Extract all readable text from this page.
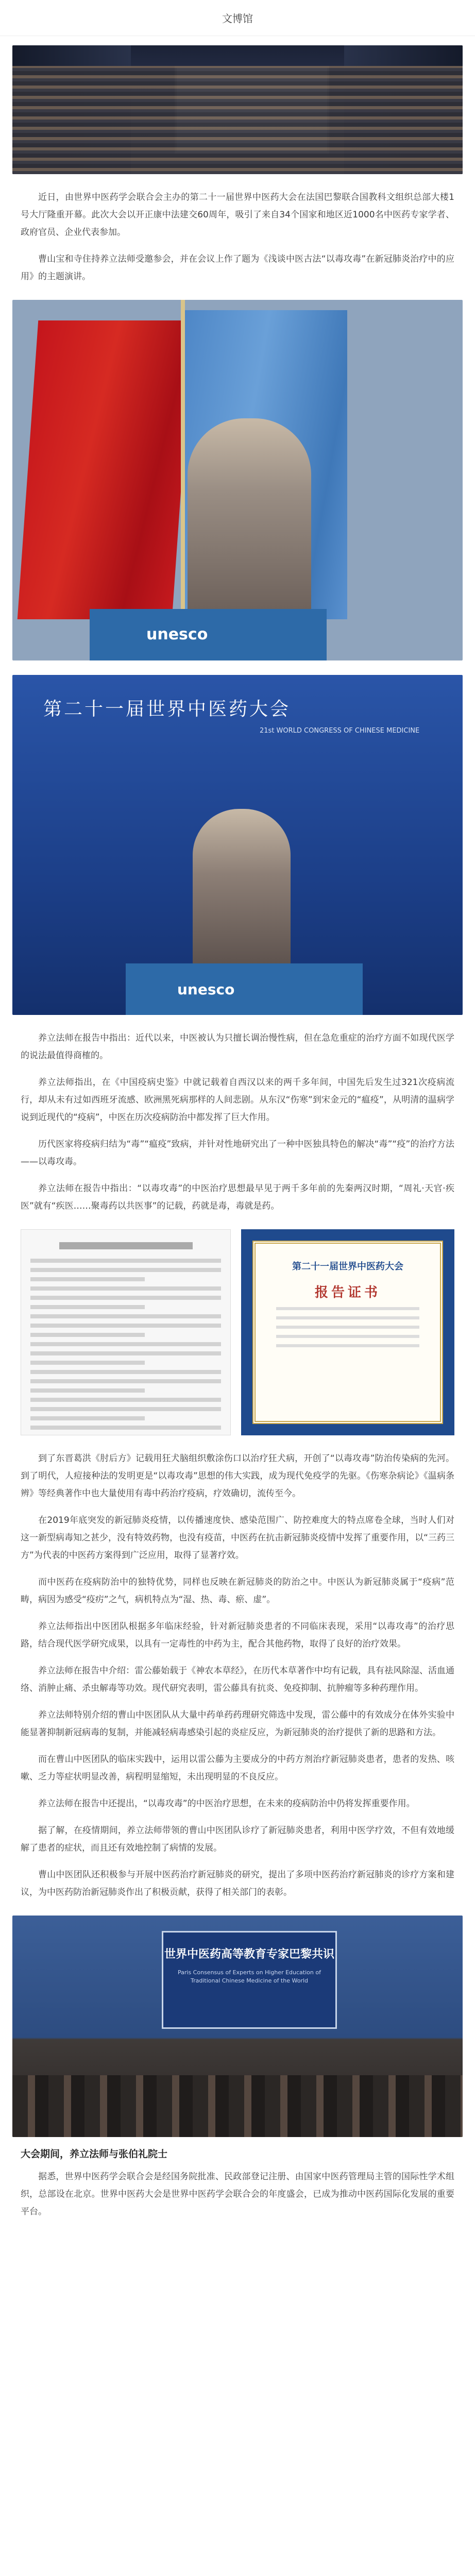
文博馆

近日，由世界中医药学会联合会主办的第二十一届世界中医药大会在法国巴黎联合国教科文组织总部大楼1号大厅隆重开幕。此次大会以开正康中法建交60周年，吸引了来自34个国家和地区近1000名中医药专家学者、政府官员、企业代表参加。

曹山宝和寺住持养立法师受邀参会，并在会议上作了题为《浅谈中医古法“以毒攻毒”在新冠肺炎治疗中的应用》的主题演讲。

unesco
第二十一届世界中医药大会
21st WORLD CONGRESS OF CHINESE MEDICINE
unesco

养立法师在报告中指出：近代以来，中医被认为只擅长调治慢性病，但在急危重症的治疗方面不如现代医学的说法最值得商榷的。

养立法师指出，在《中国疫病史鉴》中就记载着自西汉以来的两千多年间，中国先后发生过321次疫病流行，却从未有过如西班牙流感、欧洲黑死病那样的人间悲剧。从东汉“伤寒”到宋金元的“瘟疫”，从明清的温病学说到近现代的“疫病”，中医在历次疫病防治中都发挥了巨大作用。

历代医家将疫病归结为“毒”“瘟疫”致病，并针对性地研究出了一种中医独具特色的解决“毒”“疫”的治疗方法——以毒攻毒。

养立法师在报告中指出：“以毒攻毒”的中医治疗思想最早见于两千多年前的先秦两汉时期，“周礼·天官·疾医”就有“疾医……聚毒药以共医事”的记载，药就是毒，毒就是药。

第二十一届世界中医药大会
报告证书

到了东晋葛洪《肘后方》记载用狂犬脑组织敷涂伤口以治疗狂犬病，开创了“以毒攻毒”防治传染病的先河。到了明代，人痘接种法的发明更是“以毒攻毒”思想的伟大实践，成为现代免疫学的先驱。《伤寒杂病论》《温病条辨》等经典著作中也大量使用有毒中药治疗疫病，疗效确切，流传至今。

在2019年底突发的新冠肺炎疫情，以传播速度快、感染范围广、防控难度大的特点席卷全球，当时人们对这一新型病毒知之甚少，没有特效药物，也没有疫苗，中医药在抗击新冠肺炎疫情中发挥了重要作用，以“三药三方”为代表的中医药方案得到广泛应用，取得了显著疗效。

而中医药在疫病防治中的独特优势，同样也反映在新冠肺炎的防治之中。中医认为新冠肺炎属于“疫病”范畴，病因为感受“疫疠”之气，病机特点为“湿、热、毒、瘀、虚”。

养立法师指出中医团队根据多年临床经验，针对新冠肺炎患者的不同临床表现，采用“以毒攻毒”的治疗思路，结合现代医学研究成果，以具有一定毒性的中药为主，配合其他药物，取得了良好的治疗效果。

养立法师在报告中介绍：雷公藤始载于《神农本草经》，在历代本草著作中均有记载，具有祛风除湿、活血通络、消肿止痛、杀虫解毒等功效。现代研究表明，雷公藤具有抗炎、免疫抑制、抗肿瘤等多种药理作用。

养立法师特别介绍的曹山中医团队从大量中药单药药理研究筛选中发现，雷公藤中的有效成分在体外实验中能显著抑制新冠病毒的复制，并能减轻病毒感染引起的炎症反应，为新冠肺炎的治疗提供了新的思路和方法。

而在曹山中医团队的临床实践中，运用以雷公藤为主要成分的中药方剂治疗新冠肺炎患者，患者的发热、咳嗽、乏力等症状明显改善，病程明显缩短，未出现明显的不良反应。

养立法师在报告中还提出，“以毒攻毒”的中医治疗思想，在未来的疫病防治中仍将发挥重要作用。

据了解，在疫情期间，养立法师带领的曹山中医团队诊疗了新冠肺炎患者，利用中医学疗效，不但有效地缓解了患者的症状，而且还有效地控制了病情的发展。

曹山中医团队还积极参与开展中医药治疗新冠肺炎的研究，提出了多项中医药治疗新冠肺炎的诊疗方案和建议，为中医药防治新冠肺炎作出了积极贡献，获得了相关部门的表彰。

世界中医药高等教育专家巴黎共识
Paris Consensus of Experts on Higher Education of Traditional Chinese Medicine of the World
大会期间，养立法师与张伯礼院士

据悉，世界中医药学会联合会是经国务院批准、民政部登记注册、由国家中医药管理局主管的国际性学术组织，总部设在北京。世界中医药大会是世界中医药学会联合会的年度盛会，已成为推动中医药国际化发展的重要平台。
